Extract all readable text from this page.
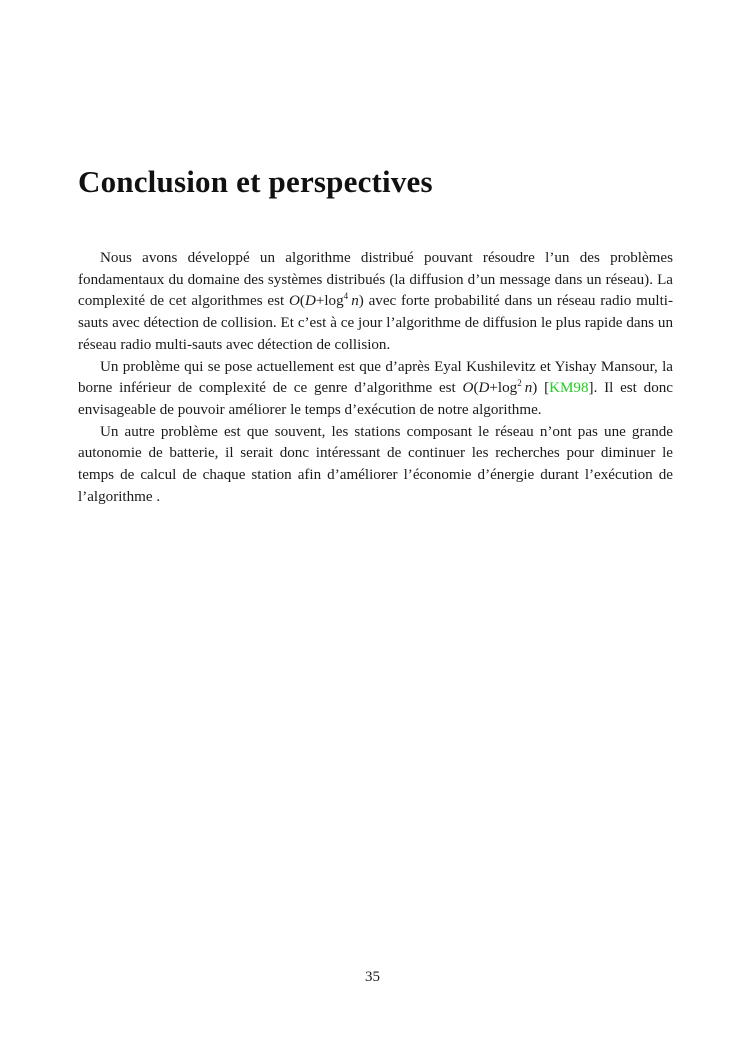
Conclusion et perspectives

Nous avons développé un algorithme distribué pouvant résoudre l’un des problèmes fondamentaux du domaine des systèmes distribués (la diffusion d’un message dans un réseau). La complexité de cet algorithmes est $O(D+\log^4$  n) avec forte probabilité dans un réseau radio multi-sauts avec détection de collision. Et c’est à ce jour l’algorithme de diffusion le plus rapide dans un réseau radio multi-sauts avec détection de collision.

Un problème qui se pose actuellement est que d’après Eyal Kushilevitz et Yishay Mansour, la borne inférieur de complexité de ce genre d’algorithme est $O(D+\log^2$  n) [KM98]. Il est donc envisageable de pouvoir améliorer le temps d’exécution de notre algorithme.

Un autre problème est que souvent, les stations composant le réseau n’ont pas une grande autonomie de batterie, il serait donc intéressant de continuer les recherches pour diminuer le temps de calcul de chaque station afin d’améliorer l’économie d’énergie durant l’exécution de l’algorithme .

35
